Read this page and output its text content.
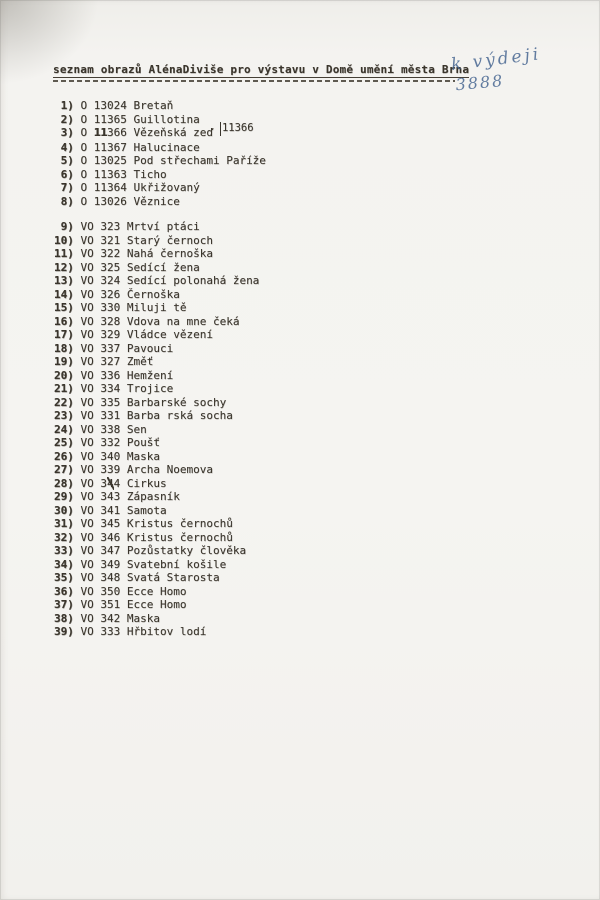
seznam obrazů AlénaDiviše pro výstavu v Domě umění města Brna
k výdeji
3888
1) O 13024 Bretaň
2) O 11365 Guillotina
3) O 11366 Vězeňská zeď 11366
4) O 11367 Halucinace
5) O 13025 Pod střechami Paříže
6) O 11363 Ticho
7) O 11364 Ukřižovaný
8) O 13026 Věznice
9) VO 323 Mrtví ptáci
10) VO 321 Starý černoch
11) VO 322 Nahá černoška
12) VO 325 Sedící žena
13) VO 324 Sedící polonahá žena
14) VO 326 Černoška
15) VO 330 Miluji tě
16) VO 328 Vdova na mne čeká
17) VO 329 Vládce vězení
18) VO 337 Pavouci
19) VO 327 Změť
20) VO 336 Hemžení
21) VO 334 Trojice
22) VO 335 Barbarské sochy
23) VO 331 Barba rská socha
24) VO 338 Sen
25) VO 332 Poušť
26) VO 340 Maska
27) VO 339 Archa Noemova
28) VO 344 Cirkus
29) VO 343 Zápasník
30) VO 341 Samota
31) VO 345 Kristus černochů
32) VO 346 Kristus černochů
33) VO 347 Pozůstatky člověka
34) VO 349 Svatební košile
35) VO 348 Svatá Starosta
36) VO 350 Ecce Homo
37) VO 351 Ecce Homo
38) VO 342 Maska
39) VO 333 Hřbitov lodí
